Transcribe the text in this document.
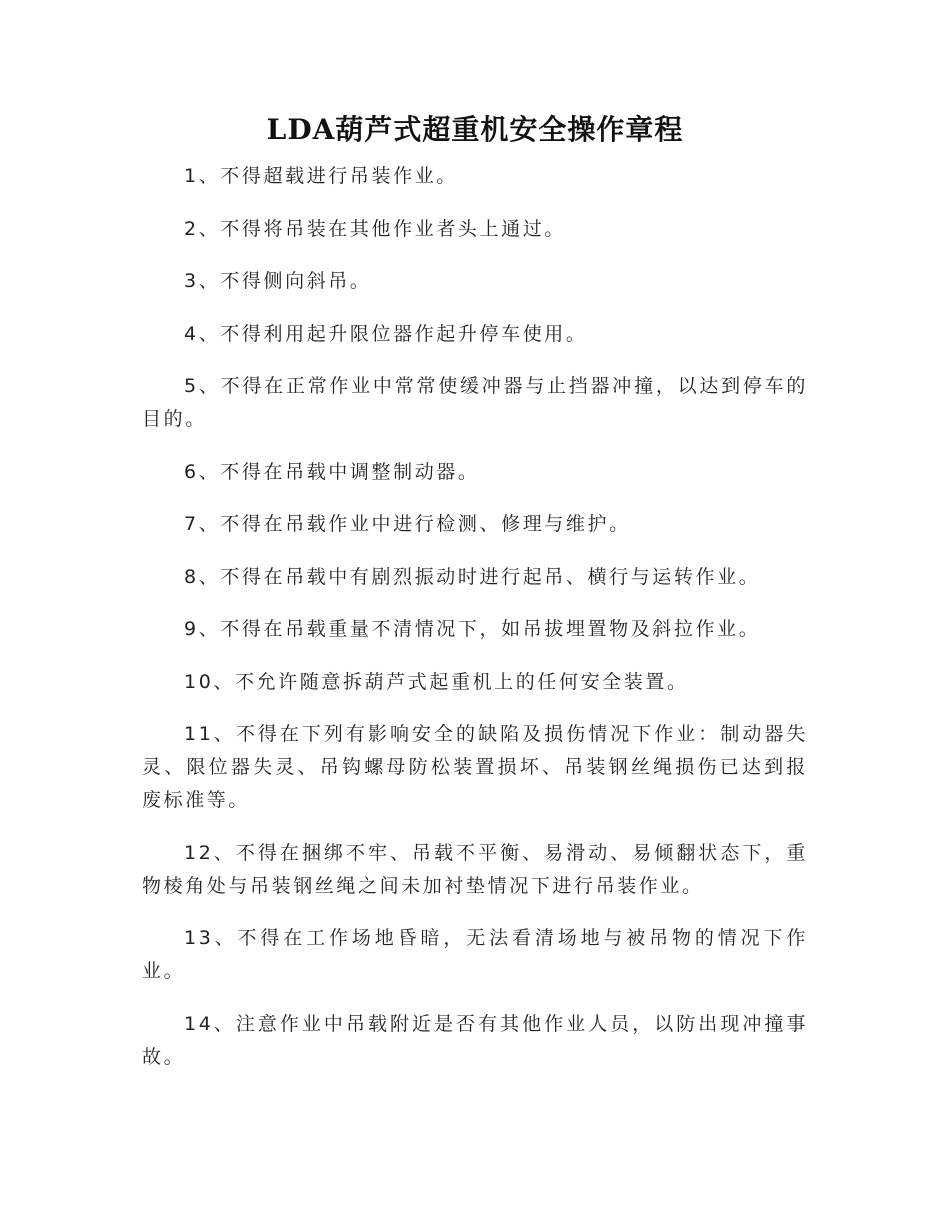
LDA葫芦式超重机安全操作章程

1、不得超载进行吊装作业。

2、不得将吊装在其他作业者头上通过。

3、不得侧向斜吊。

4、不得利用起升限位器作起升停车使用。

5、不得在正常作业中常常使缓冲器与止挡器冲撞，以达到停车的目的。

6、不得在吊载中调整制动器。

7、不得在吊载作业中进行检测、修理与维护。

8、不得在吊载中有剧烈振动时进行起吊、横行与运转作业。

9、不得在吊载重量不清情况下，如吊拔埋置物及斜拉作业。

10、不允许随意拆葫芦式起重机上的任何安全装置。

11、不得在下列有影响安全的缺陷及损伤情况下作业：制动器失灵、限位器失灵、吊钩螺母防松装置损坏、吊装钢丝绳损伤已达到报废标准等。

12、不得在捆绑不牢、吊载不平衡、易滑动、易倾翻状态下，重物棱角处与吊装钢丝绳之间未加衬垫情况下进行吊装作业。

13、不得在工作场地昏暗，无法看清场地与被吊物的情况下作业。

14、注意作业中吊载附近是否有其他作业人员，以防出现冲撞事故。
